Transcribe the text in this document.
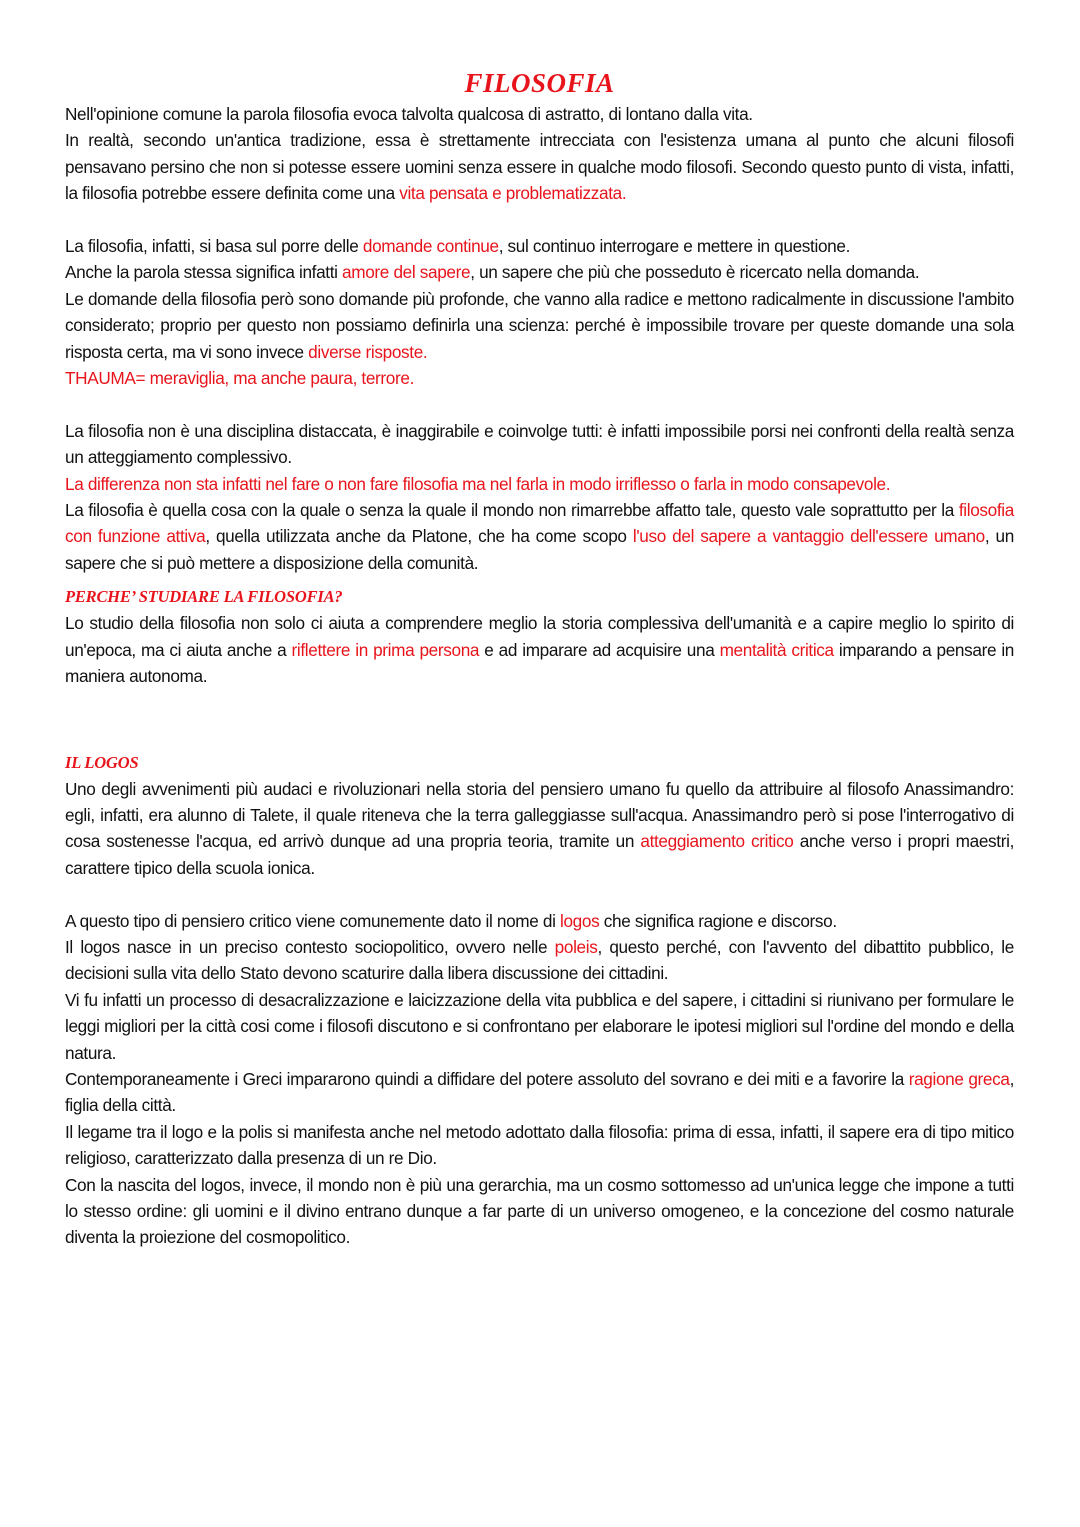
FILOSOFIA

Nell'opinione comune la parola filosofia evoca talvolta qualcosa di astratto, di lontano dalla vita.

In realtà, secondo un'antica tradizione, essa è strettamente intrecciata con l'esistenza umana al punto che alcuni filosofi pensavano persino che non si potesse essere uomini senza essere in qualche modo filosofi. Secondo questo punto di vista, infatti, la filosofia potrebbe essere definita come una vita pensata e problematizzata.

La filosofia, infatti, si basa sul porre delle domande continue, sul continuo interrogare e mettere in questione.

Anche la parola stessa significa infatti amore del sapere, un sapere che più che posseduto è ricercato nella domanda.

Le domande della filosofia però sono domande più profonde, che vanno alla radice e mettono radicalmente in discussione l'ambito considerato; proprio per questo non possiamo definirla una scienza: perché è impossibile trovare per queste domande una sola risposta certa, ma vi sono invece diverse risposte.

THAUMA= meraviglia, ma anche paura, terrore.

La filosofia non è una disciplina distaccata, è inaggirabile e coinvolge tutti: è infatti impossibile porsi nei confronti della realtà senza un atteggiamento complessivo.

La differenza non sta infatti nel fare o non fare filosofia ma nel farla in modo irriflesso o farla in modo consapevole.

La filosofia è quella cosa con la quale o senza la quale il mondo non rimarrebbe affatto tale, questo vale soprattutto per la filosofia con funzione attiva, quella utilizzata anche da Platone, che ha come scopo l'uso del sapere a vantaggio dell'essere umano, un sapere che si può mettere a disposizione della comunità.

PERCHE’ STUDIARE LA FILOSOFIA?

Lo studio della filosofia non solo ci aiuta a comprendere meglio la storia complessiva dell'umanità e a capire meglio lo spirito di un'epoca, ma ci aiuta anche a riflettere in prima persona e ad imparare ad acquisire una mentalità critica imparando a pensare in maniera autonoma.

IL LOGOS

Uno degli avvenimenti più audaci e rivoluzionari nella storia del pensiero umano fu quello da attribuire al filosofo Anassimandro: egli, infatti, era alunno di Talete, il quale riteneva che la terra galleggiasse sull'acqua. Anassimandro però si pose l'interrogativo di cosa sostenesse l'acqua, ed arrivò dunque ad una propria teoria, tramite un atteggiamento critico anche verso i propri maestri, carattere tipico della scuola ionica.

A questo tipo di pensiero critico viene comunemente dato il nome di logos che significa ragione e discorso.

Il logos nasce in un preciso contesto sociopolitico, ovvero nelle poleis, questo perché, con l'avvento del dibattito pubblico, le decisioni sulla vita dello Stato devono scaturire dalla libera discussione dei cittadini.

Vi fu infatti un processo di desacralizzazione e laicizzazione della vita pubblica e del sapere, i cittadini si riunivano per formulare le leggi migliori per la città cosi come i filosofi discutono e si confrontano per elaborare le ipotesi migliori sul l'ordine del mondo e della natura.

Contemporaneamente i Greci impararono quindi a diffidare del potere assoluto del sovrano e dei miti e a favorire la ragione greca, figlia della città.

Il legame tra il logo e la polis si manifesta anche nel metodo adottato dalla filosofia: prima di essa, infatti, il sapere era di tipo mitico religioso, caratterizzato dalla presenza di un re Dio.

Con la nascita del logos, invece, il mondo non è più una gerarchia, ma un cosmo sottomesso ad un'unica legge che impone a tutti lo stesso ordine: gli uomini e il divino entrano dunque a far parte di un universo omogeneo, e la concezione del cosmo naturale diventa la proiezione del cosmopolitico.
